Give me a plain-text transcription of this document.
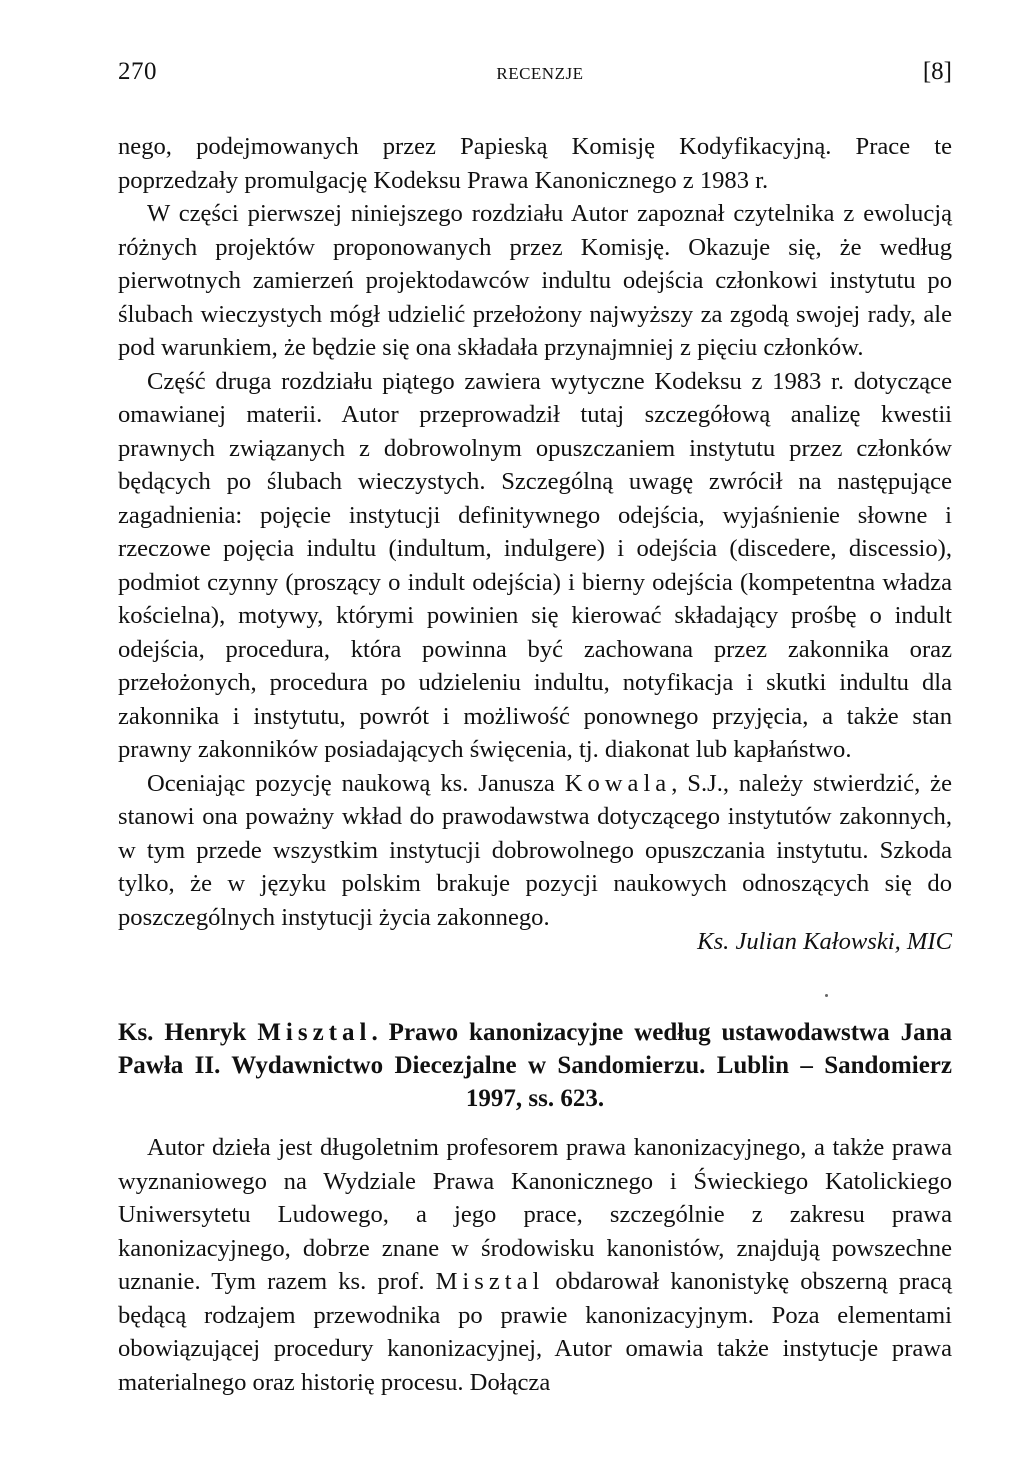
270	RECENZJE	[8]

nego, podejmowanych przez Papieską Komisję Kodyfikacyjną. Prace te poprzedzały promulgację Kodeksu Prawa Kanonicznego z 1983 r.

W części pierwszej niniejszego rozdziału Autor zapoznał czytelnika z ewolucją różnych projektów proponowanych przez Komisję. Okazuje się, że według pierwotnych zamierzeń projektodawców indultu odejścia członkowi instytutu po ślubach wieczystych mógł udzielić przełożony najwyższy za zgodą swojej rady, ale pod warunkiem, że będzie się ona składała przynajmniej z pięciu członków.

Część druga rozdziału piątego zawiera wytyczne Kodeksu z 1983 r. dotyczące omawianej materii. Autor przeprowadził tutaj szczegółową analizę kwestii prawnych związanych z dobrowolnym opuszczaniem instytutu przez członków będących po ślubach wieczystych. Szczególną uwagę zwrócił na następujące zagadnienia: pojęcie instytucji definitywnego odejścia, wyjaśnienie słowne i rzeczowe pojęcia indultu (indultum, indulgere) i odejścia (discedere, discessio), podmiot czynny (proszący o indult odejścia) i bierny odejścia (kompetentna władza kościelna), motywy, którymi powinien się kierować składający prośbę o indult odejścia, procedura, która powinna być zachowana przez zakonnika oraz przełożonych, procedura po udzieleniu indultu, notyfikacja i skutki indultu dla zakonnika i instytutu, powrót i możliwość ponownego przyjęcia, a także stan prawny zakonników posiadających święcenia, tj. diakonat lub kapłaństwo.

Oceniając pozycję naukową ks. Janusza Kowala, S.J., należy stwierdzić, że stanowi ona poważny wkład do prawodawstwa dotyczącego instytutów zakonnych, w tym przede wszystkim instytucji dobrowolnego opuszczania instytutu. Szkoda tylko, że w języku polskim brakuje pozycji naukowych odnoszących się do poszczególnych instytucji życia zakonnego.

Ks. Julian Kałowski, MIC
Ks. Henryk Misztal. Prawo kanonizacyjne według ustawodawstwa Jana Pawła II. Wydawnictwo Diecezjalne w Sandomierzu. Lublin – Sandomierz 1997, ss. 623.

Autor dzieła jest długoletnim profesorem prawa kanonizacyjnego, a także prawa wyznaniowego na Wydziale Prawa Kanonicznego i Świeckiego Katolickiego Uniwersytetu Ludowego, a jego prace, szczególnie z zakresu prawa kanonizacyjnego, dobrze znane w środowisku kanonistów, znajdują powszechne uznanie. Tym razem ks. prof. Misztal obdarował kanonistykę obszerną pracą będącą rodzajem przewodnika po prawie kanonizacyjnym. Poza elementami obowiązującej procedury kanonizacyjnej, Autor omawia także instytucje prawa materialnego oraz historię procesu. Dołącza
